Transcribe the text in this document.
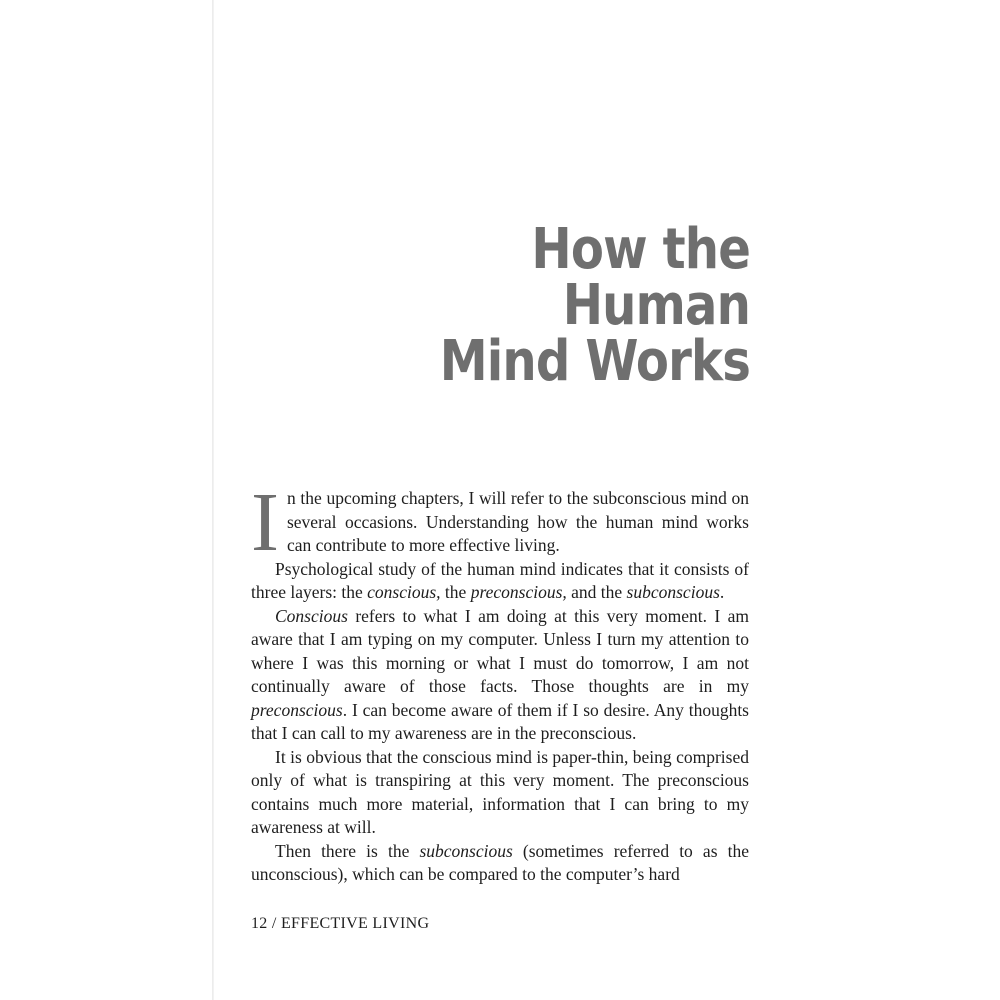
How the Human
Mind Works

In the upcoming chapters, I will refer to the subconscious mind on several occasions. Understanding how the human mind works can contribute to more effective living.

Psychological study of the human mind indicates that it consists of three layers: the conscious, the preconscious, and the subconscious.

Conscious refers to what I am doing at this very moment. I am aware that I am typing on my computer. Unless I turn my attention to where I was this morning or what I must do tomorrow, I am not continually aware of those facts. Those thoughts are in my preconscious. I can become aware of them if I so desire. Any thoughts that I can call to my awareness are in the preconscious.

It is obvious that the conscious mind is paper-thin, being comprised only of what is transpiring at this very moment. The preconscious contains much more material, information that I can bring to my awareness at will.

Then there is the subconscious (sometimes referred to as the unconscious), which can be compared to the computer’s hard

12 / EFFECTIVE LIVING
